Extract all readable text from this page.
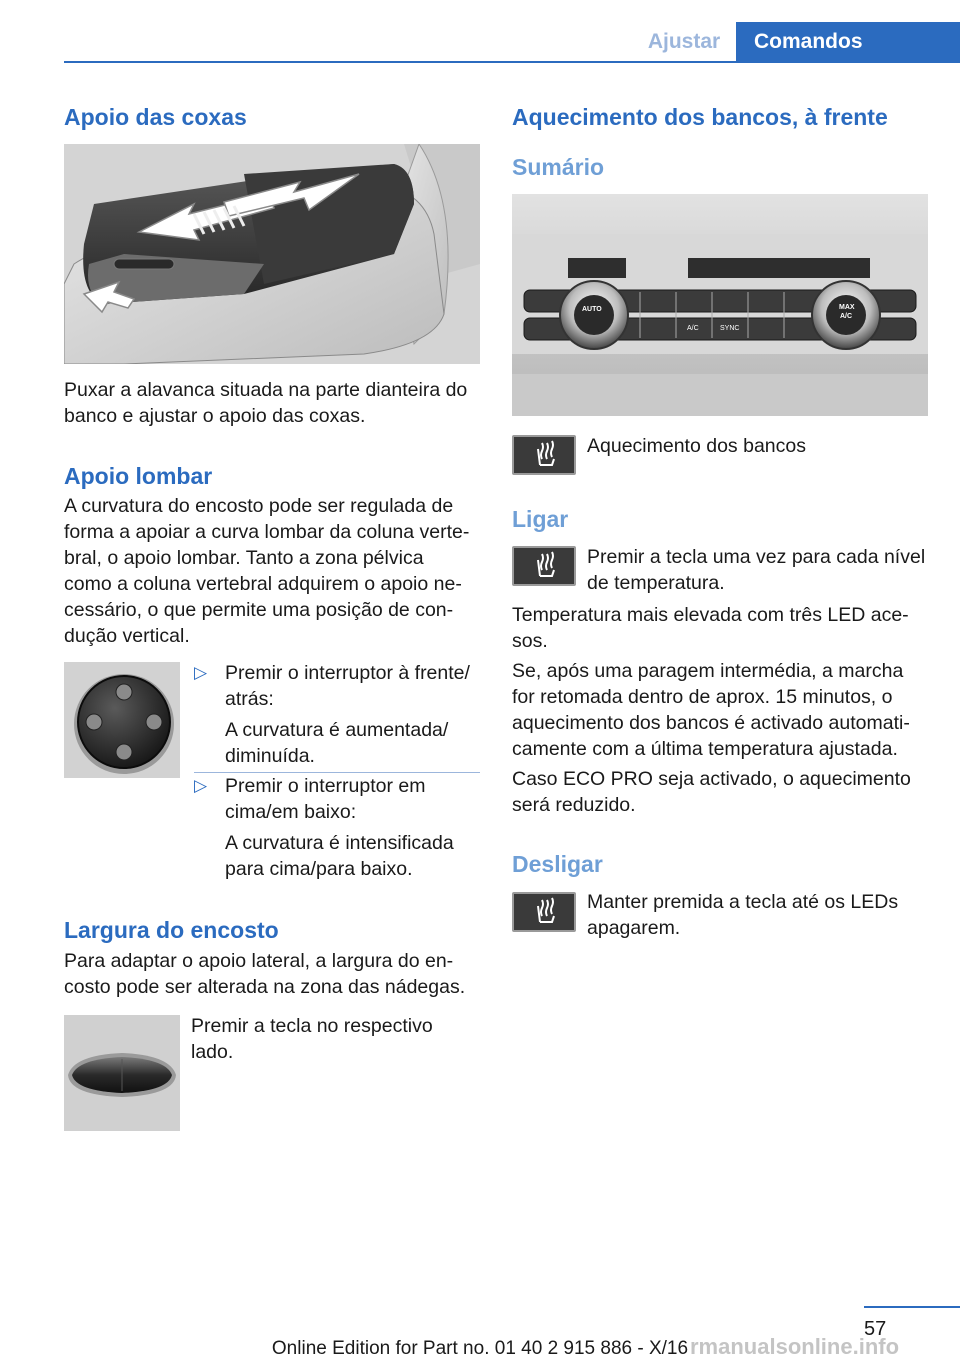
Ajustar	Comandos
Apoio das coxas
Puxar a alavanca situada na parte dianteira do
banco e ajustar o apoio das coxas.
Apoio lombar
A curvatura do encosto pode ser regulada de
forma a apoiar a curva lombar da coluna verte-
bral, o apoio lombar. Tanto a zona pélvica
como a coluna vertebral adquirem o apoio ne-
cessário, o que permite uma posição de con-
dução vertical.
▷ Premir o interruptor à frente/
atrás:
A curvatura é aumentada/
diminuída.
▷ Premir o interruptor em
cima/em baixo:
A curvatura é intensificada
para cima/para baixo.
Largura do encosto
Para adaptar o apoio lateral, a largura do en-
costo pode ser alterada na zona das nádegas.
Premir a tecla no respectivo
lado.
Aquecimento dos bancos, à frente
Sumário
AUTO
A/C	SYNC
MAX
A/C
Aquecimento dos bancos
Ligar
Premir a tecla uma vez para cada nível
de temperatura.
Temperatura mais elevada com três LED ace-
sos.
Se, após uma paragem intermédia, a marcha
for retomada dentro de aprox. 15 minutos, o
aquecimento dos bancos é activado automati-
camente com a última temperatura ajustada.
Caso ECO PRO seja activado, o aquecimento
será reduzido.
Desligar
Manter premida a tecla até os LEDs
apagarem.
57
Online Edition for Part no. 01 40 2 915 886 - X/16 rmanualsonline.info
